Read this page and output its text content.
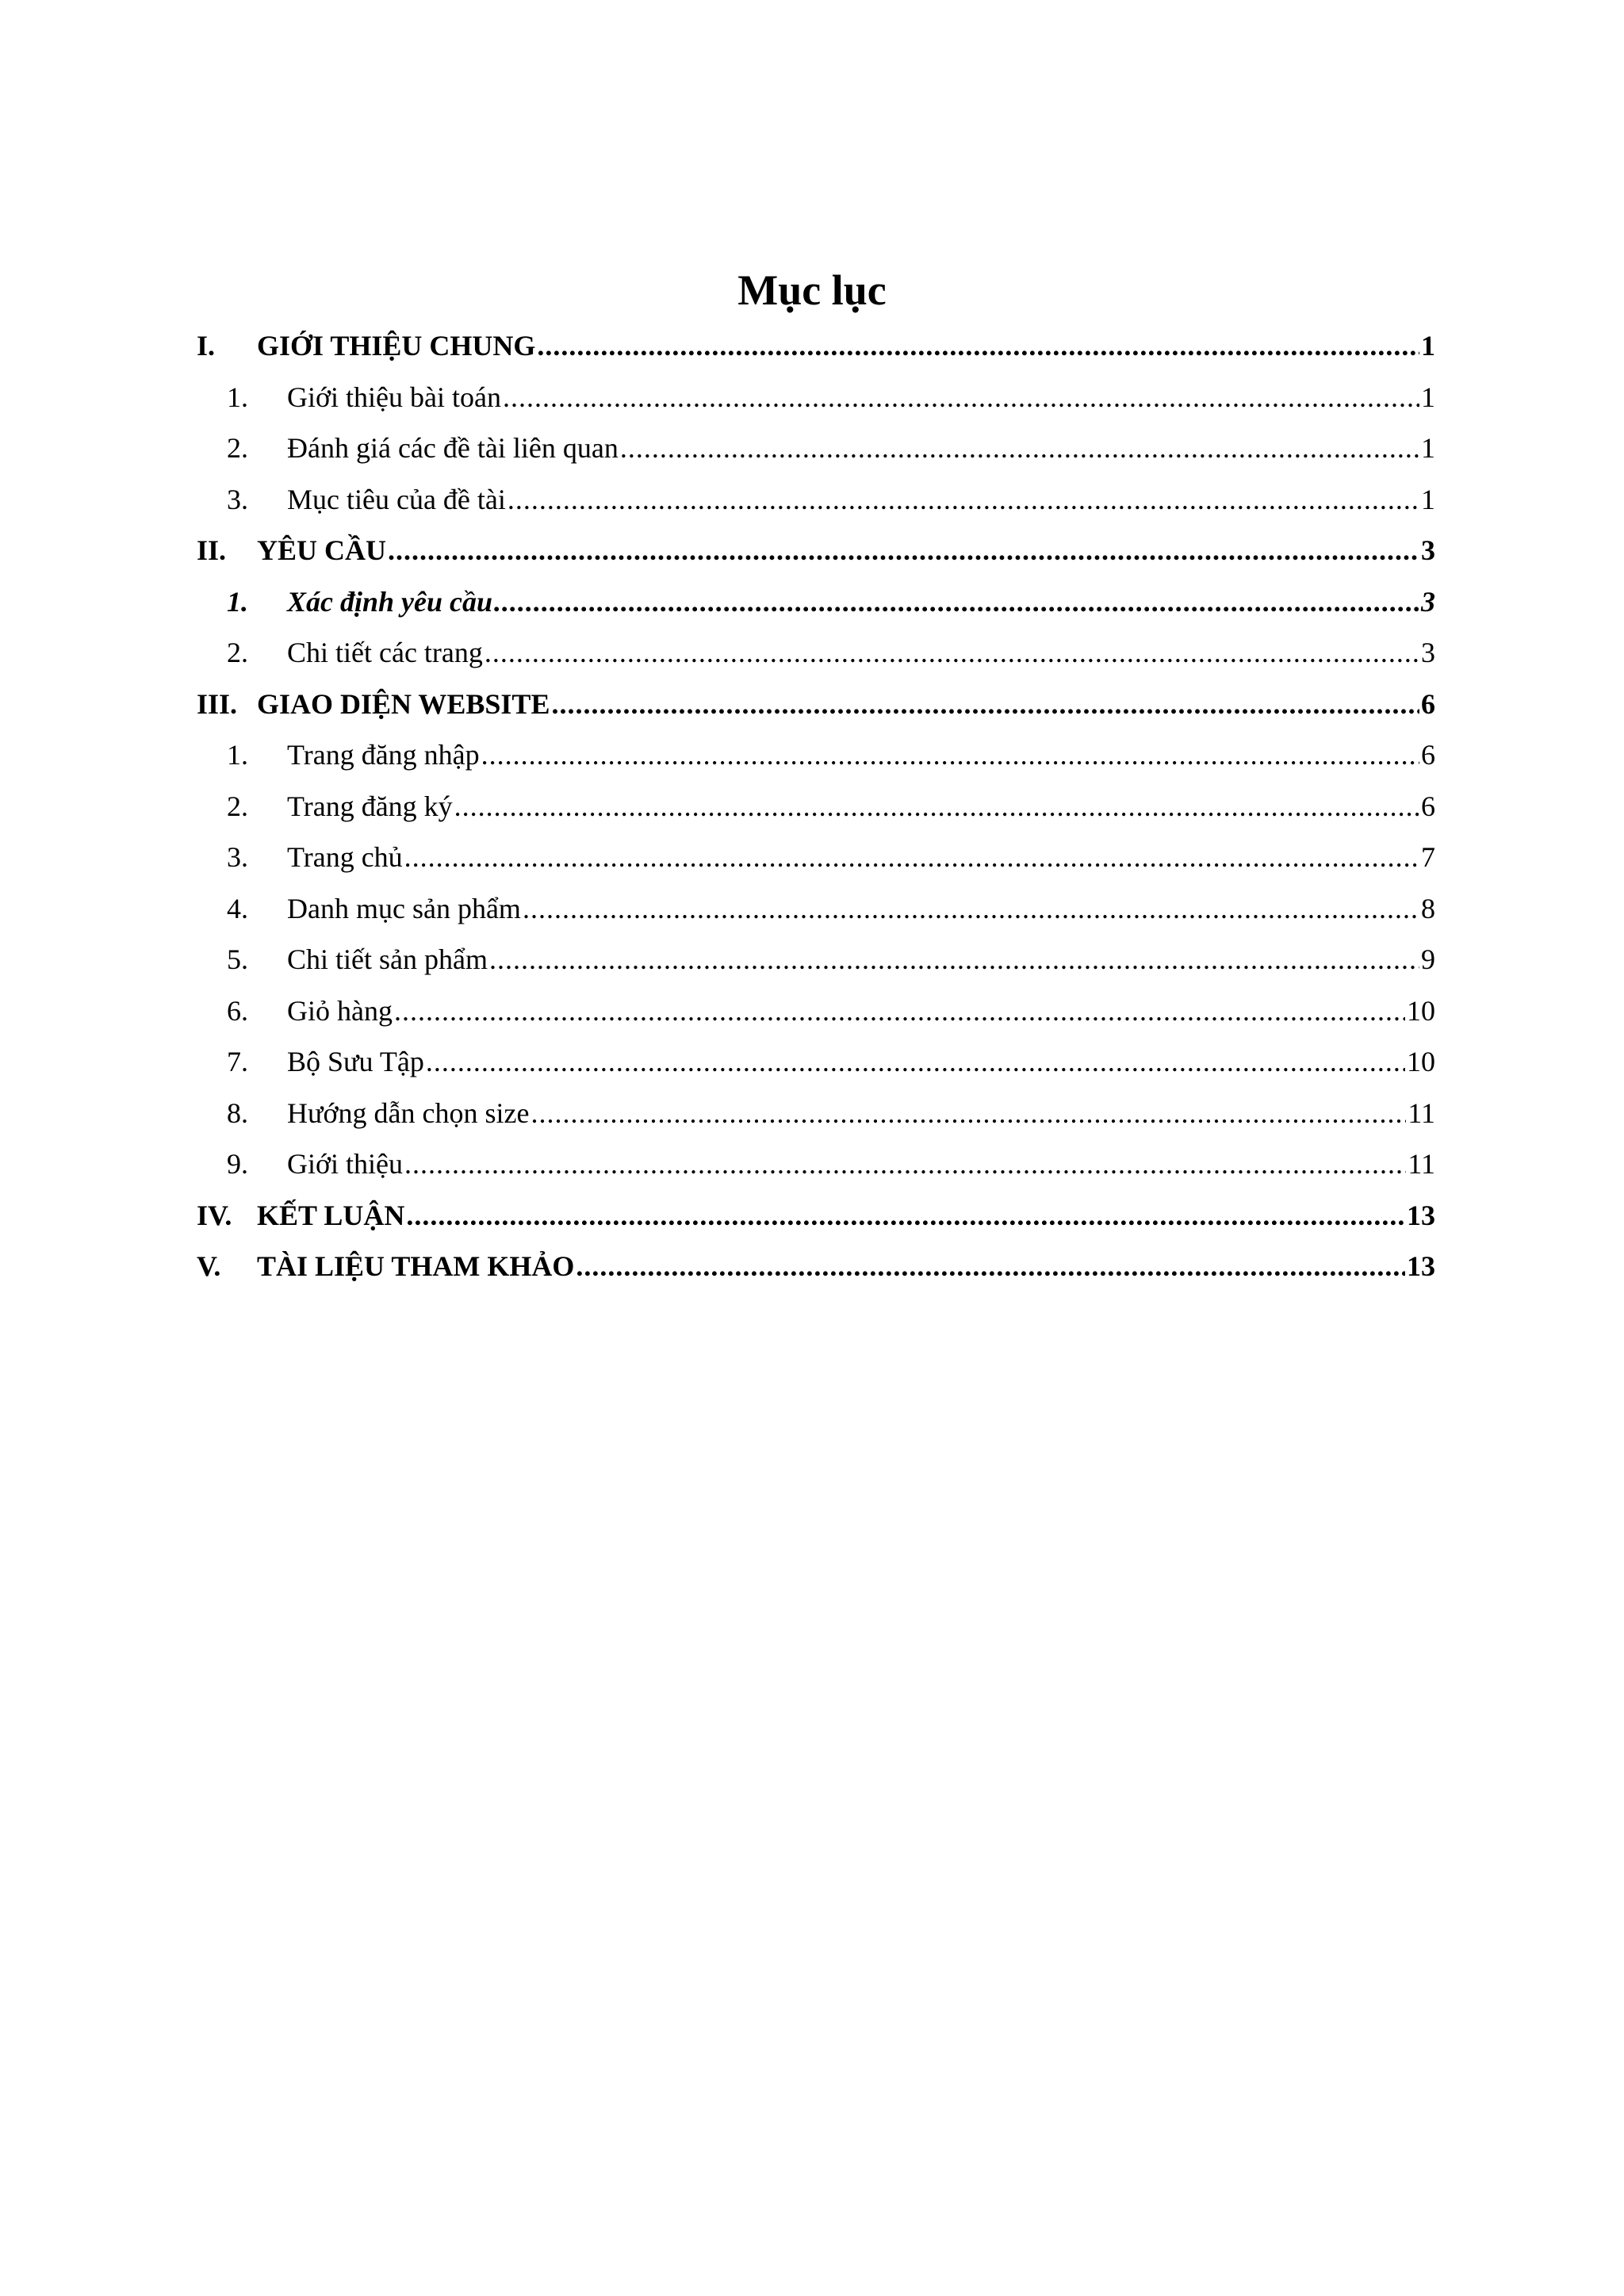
Mục lục
I.	GIỚI THIỆU CHUNG .....	1
1.	Giới thiệu bài toán .....	1
2.	Đánh giá các đề tài liên quan .....	1
3.	Mục tiêu của đề tài .....	1
II.	YÊU CẦU .....	3
1.	Xác định yêu cầu .....	3
2.	Chi tiết các trang .....	3
III. GIAO DIỆN WEBSITE .....	6
1.	Trang đăng nhập .....	6
2.	Trang đăng ký .....	6
3.	Trang chủ .....	7
4.	Danh mục sản phẩm .....	8
5.	Chi tiết sản phẩm .....	9
6.	Giỏ hàng .....	10
7.	Bộ Sưu Tập .....	10
8.	Hướng dẫn chọn size .....	11
9.	Giới thiệu .....	11
IV. KẾT LUẬN .....	13
V.	TÀI LIỆU THAM KHẢO .....	13
